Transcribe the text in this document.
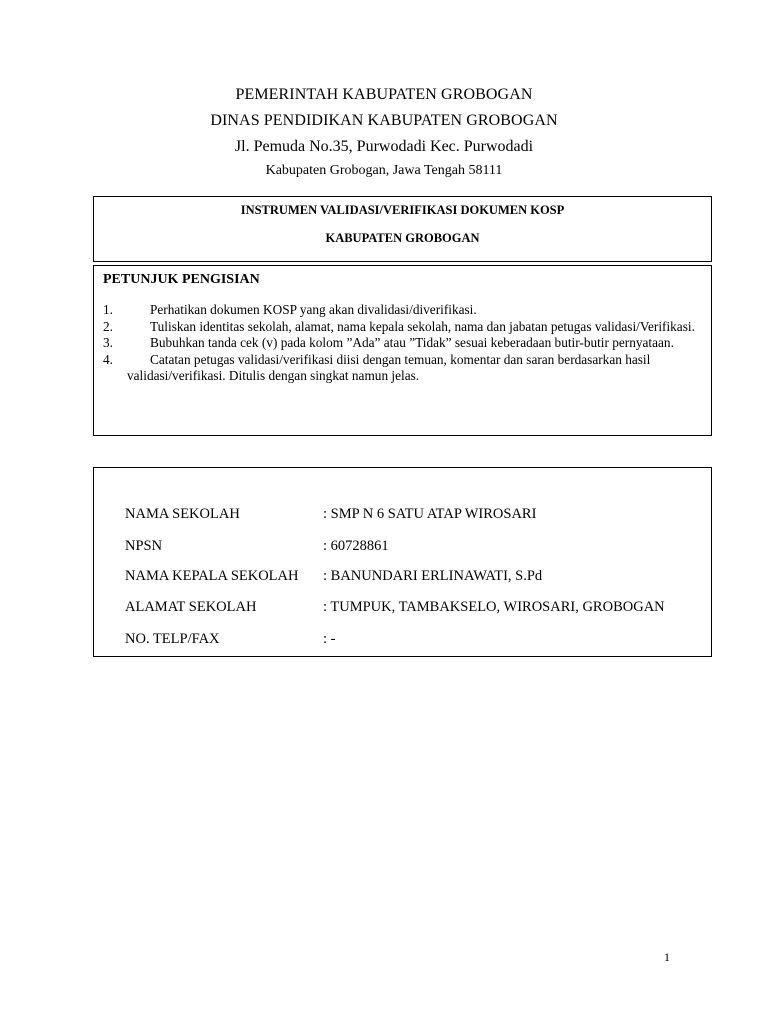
PEMERINTAH KABUPATEN GROBOGAN
DINAS PENDIDIKAN KABUPATEN GROBOGAN
Jl. Pemuda No.35, Purwodadi Kec. Purwodadi
Kabupaten Grobogan, Jawa Tengah 58111
INSTRUMEN VALIDASI/VERIFIKASI DOKUMEN KOSP
KABUPATEN GROBOGAN
PETUNJUK PENGISIAN
1.	Perhatikan dokumen KOSP yang akan divalidasi/diverifikasi.
2.	Tuliskan identitas sekolah, alamat, nama kepala sekolah, nama dan jabatan petugas validasi/Verifikasi.
3.	Bubuhkan tanda cek (v) pada kolom ”Ada” atau ”Tidak” sesuai keberadaan butir-butir pernyataan.
4.	Catatan petugas validasi/verifikasi diisi dengan temuan, komentar dan saran berdasarkan hasil validasi/verifikasi. Ditulis dengan singkat namun jelas.
NAMA SEKOLAH	: SMP N 6 SATU ATAP WIROSARI
NPSN	: 60728861
NAMA KEPALA SEKOLAH : BANUNDARI ERLINAWATI, S.Pd
ALAMAT SEKOLAH	: TUMPUK, TAMBAKSELO, WIROSARI, GROBOGAN
NO. TELP/FAX	: -
1
